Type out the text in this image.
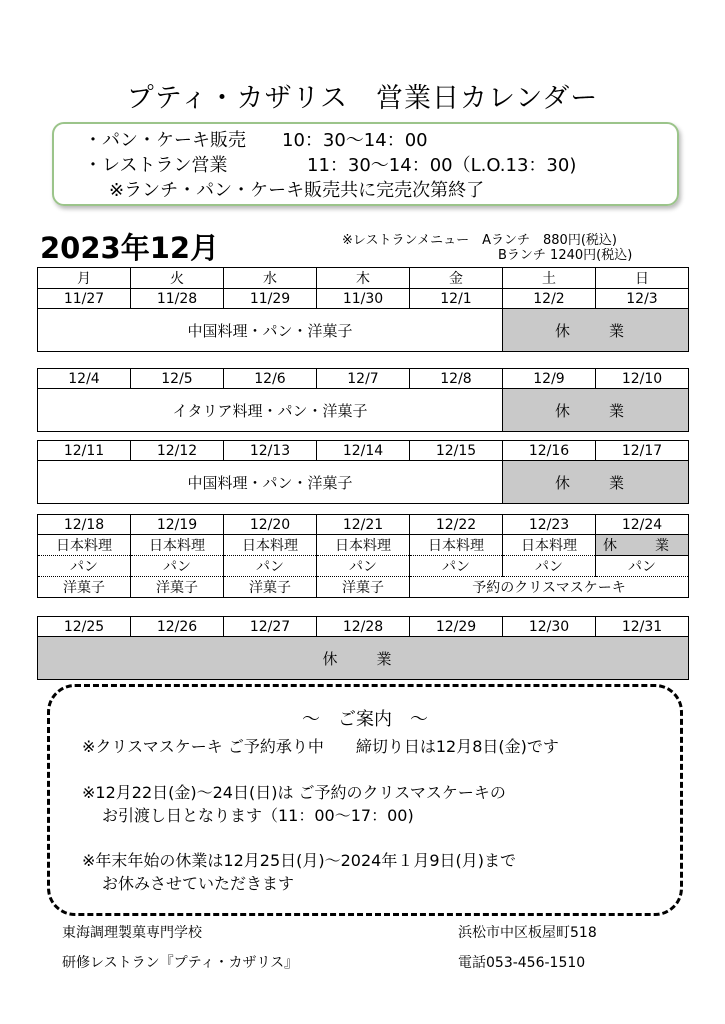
プティ・カザリス　営業日カレンダー
・パン・ケーキ販売 10：30〜14：00
・レストラン営業	11：30〜14：00（L.O.13：30)
※ランチ・パン・ケーキ販売共に完売次第終了
2023年12月	※レストランメニュー　Aランチ　880円(税込)
Bランチ 1240円(税込)
月	火	水	木	金	土	日
11/27	11/28	11/29	11/30	12/1	12/2	12/3
中国料理・パン・洋菓子					休　業	
12/4	12/5	12/6	12/7	12/8	12/9	12/10
イタリア料理・パン・洋菓子					休　業	
12/11	12/12	12/13	12/14	12/15	12/16	12/17
中国料理・パン・洋菓子					休　業	
12/18	12/19	12/20	12/21	12/22	12/23	12/24
日本料理	日本料理	日本料理	日本料理	日本料理	日本料理	休　業
パン	パン	パン	パン	パン	パン	パン
洋菓子	洋菓子	洋菓子	洋菓子	予約のクリスマスケーキ		
12/25	12/26	12/27	12/28	12/29	12/30	12/31
休　業
〜　ご案内　〜

※クリスマスケーキ ご予約承り中　　締切り日は12月8日(金)です

※12月22日(金)〜24日(日)は ご予約のクリスマスケーキの

お引渡し日となります（11：00〜17：00)

※年末年始の休業は12月25日(月)〜2024年１月9日(月)まで

お休みさせていただきます

東海調理製菓専門学校
研修レストラン『プティ・カザリス』
浜松市中区板屋町518
電話053-456-1510
